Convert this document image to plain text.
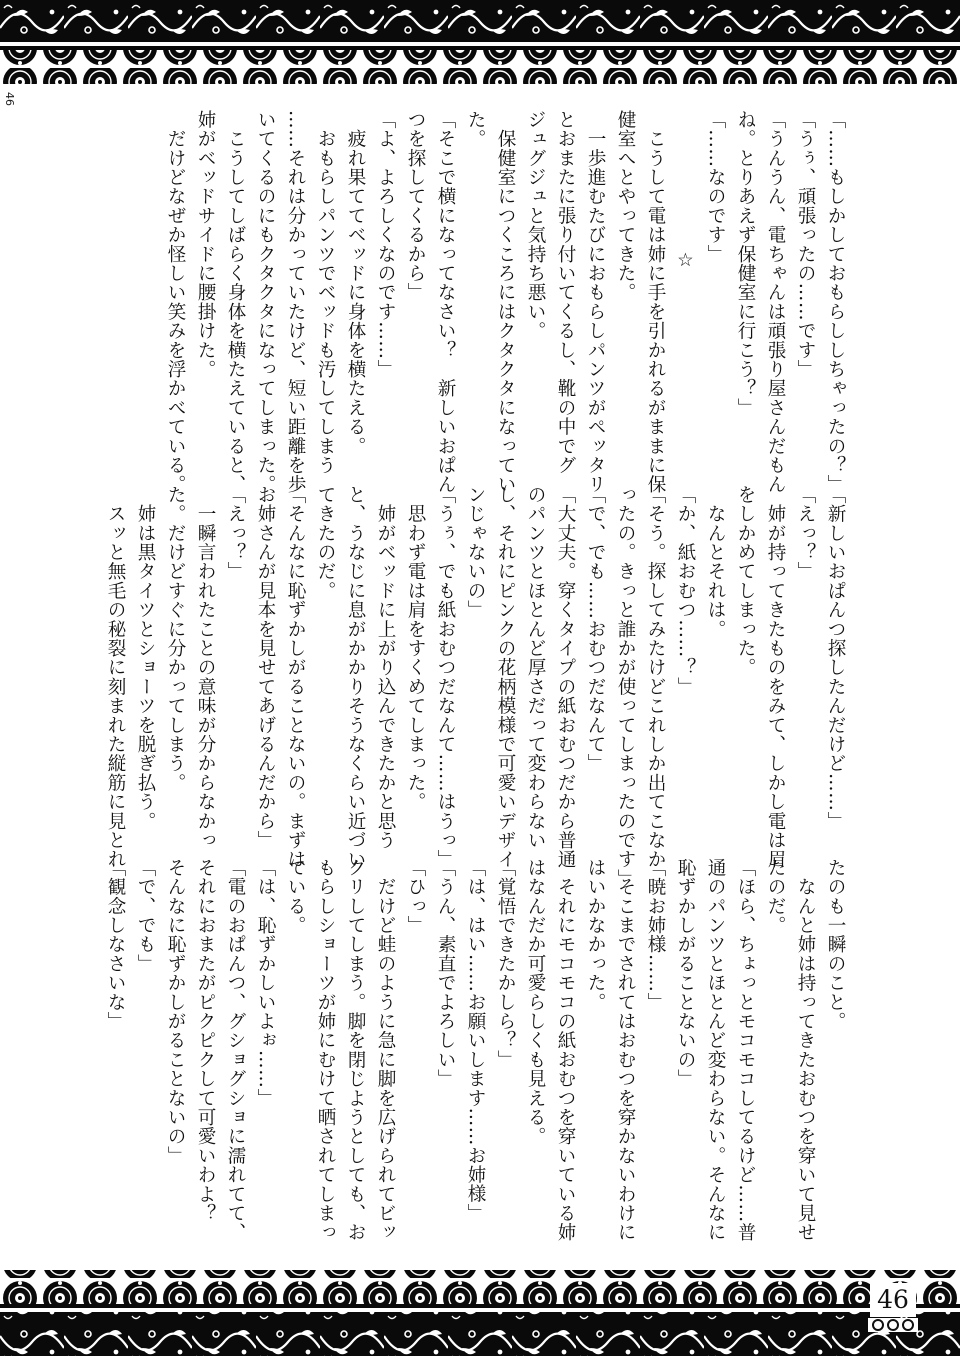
46

「……もしかしておもらししちゃったの？」

「うぅ、頑張ったの……です」

「うんうん、電ちゃんは頑張り屋さんだもん

ね。とりあえず保健室に行こう？」

「……なのです」

☆

　こうして電は姉に手を引かれるがままに保

健室へとやってきた。

　一歩進むたびにおもらしパンツがペッタリ

とおまたに張り付いてくるし、靴の中でグ

ジュグジュと気持ち悪い。

　保健室につくころにはクタクタになってい

た。

「そこで横になってなさい？　新しいおぱん

つを探してくるから」

「よ、よろしくなのです……」

　疲れ果ててベッドに身体を横たえる。

　おもらしパンツでベッドも汚してしまう

……それは分かっていたけど、短い距離を歩

いてくるのにもクタクタになってしまった。

　こうしてしばらく身体を横たえていると、

姉がベッドサイドに腰掛けた。

　だけどなぜか怪しい笑みを浮かべている。

「新しいおぱんつ探したんだけど……」

「えっ？」

　姉が持ってきたものをみて、しかし電は眉

をしかめてしまった。

　なんとそれは。

「か、紙おむつ……？」

「そう。探してみたけどこれしか出てこなか

ったの。きっと誰かが使ってしまったのです」

「で、でも……おむつだなんて」

「大丈夫。穿くタイプの紙おむつだから普通

のパンツとほとんど厚さだって変わらない

し、それにピンクの花柄模様で可愛いデザイ

ンじゃないの」

「うぅ、でも紙おむつだなんて……はうっ」

　思わず電は肩をすくめてしまった。

　姉がベッドに上がり込んできたかと思う

と、うなじに息がかかりそうなくらい近づい

てきたのだ。

「そんなに恥ずかしがることないの。まずは

お姉さんが見本を見せてあげるんだから」

「えっ？」

　一瞬言われたことの意味が分からなかっ

た。だけどすぐに分かってしまう。

　姉は黒タイツとショーツを脱ぎ払う。

　スッと無毛の秘裂に刻まれた縦筋に見とれ

たのも一瞬のこと。

　なんと姉は持ってきたおむつを穿いて見せ

たのだ。

「ほら、ちょっとモコモコしてるけど……普

通のパンツとほとんど変わらない。そんなに

恥ずかしがることないの」

「暁お姉様……」

　そこまでされてはおむつを穿かないわけに

はいかなかった。

　それにモコモコの紙おむつを穿いている姉

はなんだか可愛らしくも見える。

「覚悟できたかしら？」

「は、はい……お願いします……お姉様」

「うん、素直でよろしい」

「ひっ」

　だけど蛙のように急に脚を広げられてビッ

クリしてしまう。脚を閉じようとしても、お

もらしショーツが姉にむけて晒されてしまっ

ている。

「は、恥ずかしいよぉ……」

「電のおぱんつ、グショグショに濡れてて、

それにおまたがピクピクして可愛いわよ？

そんなに恥ずかしがることないの」

「で、でも」

「観念しなさいな」

46
